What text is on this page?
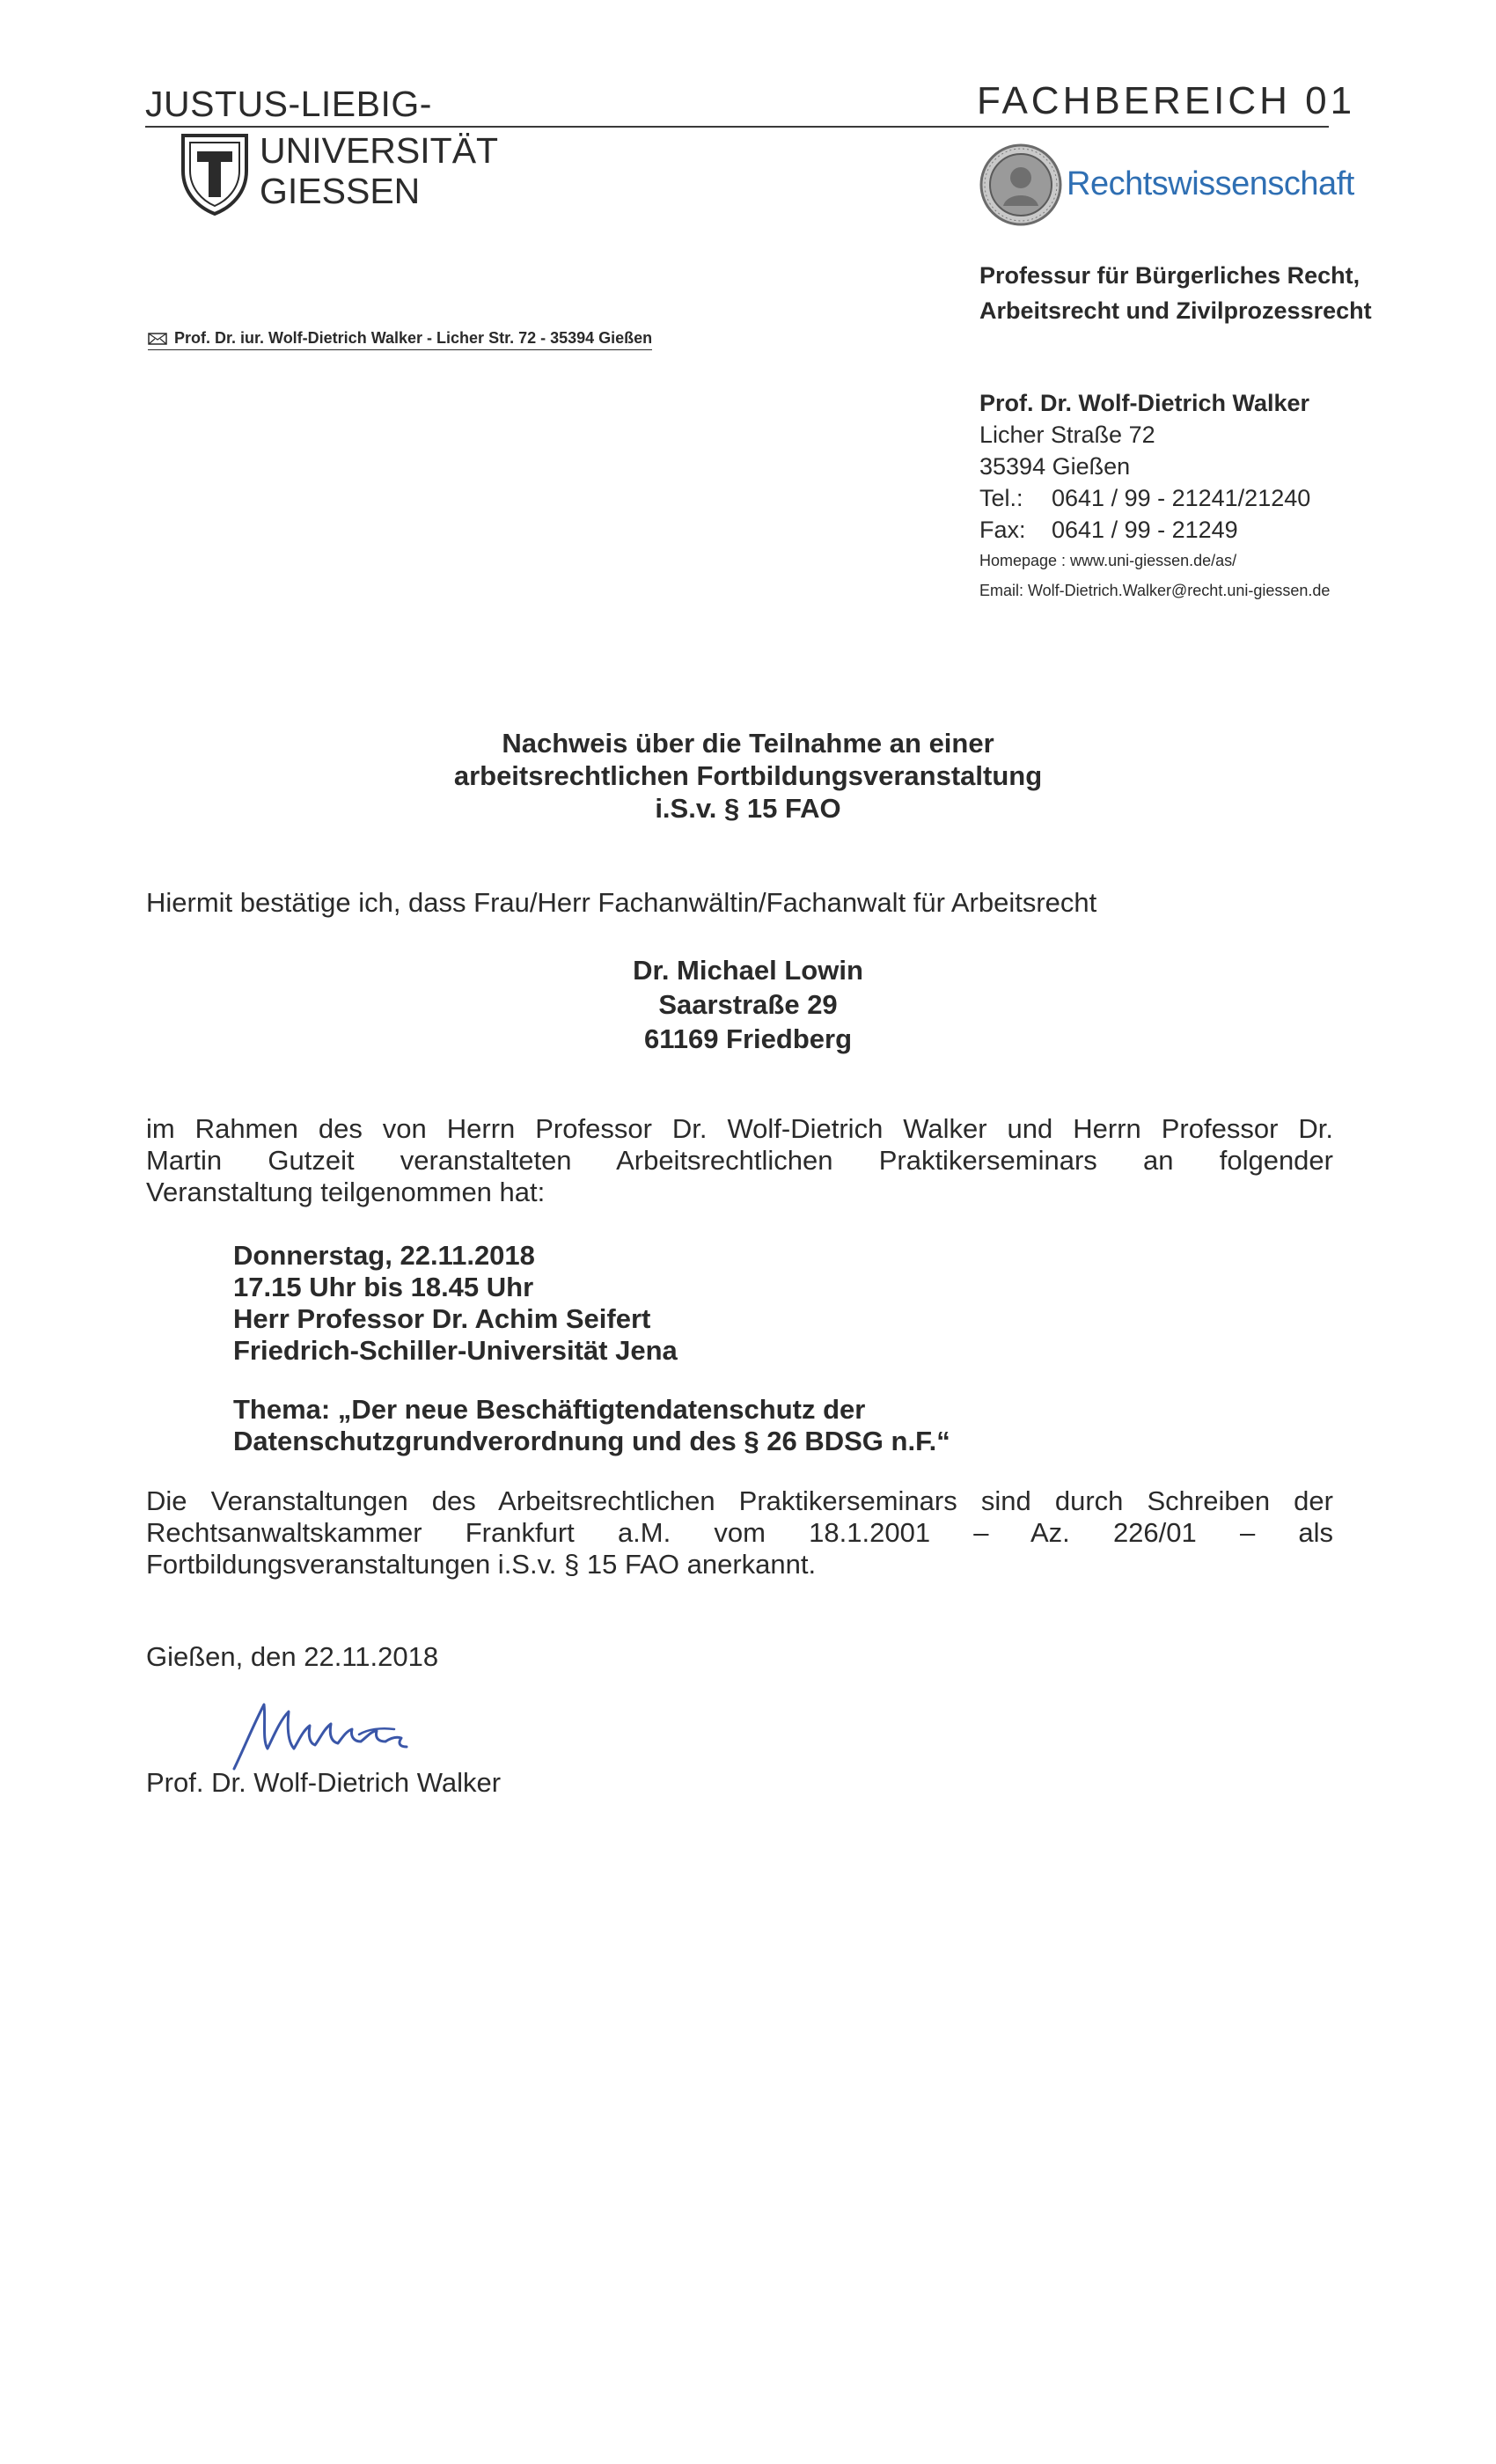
JUSTUS-LIEBIG-
UNIVERSITÄT
GIESSEN
Prof. Dr. iur. Wolf-Dietrich Walker - Licher Str. 72 - 35394 Gießen
FACHBEREICH 01
Rechtswissenschaft
Professur für Bürgerliches Recht,
Arbeitsrecht und Zivilprozessrecht
Prof. Dr. Wolf-Dietrich Walker
Licher Straße 72
35394 Gießen
Tel.: 0641 / 99 - 21241/21240
Fax: 0641 / 99 - 21249
Homepage : www.uni-giessen.de/as/
Email: Wolf-Dietrich.Walker@recht.uni-giessen.de
Nachweis über die Teilnahme an einer
arbeitsrechtlichen Fortbildungsveranstaltung
i.S.v. § 15 FAO
Hiermit bestätige ich, dass Frau/Herr Fachanwältin/Fachanwalt für Arbeitsrecht
Dr. Michael Lowin
Saarstraße 29
61169 Friedberg
im Rahmen des von Herrn Professor Dr. Wolf-Dietrich Walker und Herrn Professor Dr.
Martin Gutzeit veranstalteten Arbeitsrechtlichen Praktikerseminars an folgender
Veranstaltung teilgenommen hat:
Donnerstag, 22.11.2018
17.15 Uhr bis 18.45 Uhr
Herr Professor Dr. Achim Seifert
Friedrich-Schiller-Universität Jena
Thema: „Der neue Beschäftigtendatenschutz der
Datenschutzgrundverordnung und des § 26 BDSG n.F.“
Die Veranstaltungen des Arbeitsrechtlichen Praktikerseminars sind durch Schreiben der
Rechtsanwaltskammer Frankfurt a.M. vom 18.1.2001 – Az. 226/01 – als
Fortbildungsveranstaltungen i.S.v. § 15 FAO anerkannt.
Gießen, den 22.11.2018
Prof. Dr. Wolf-Dietrich Walker
